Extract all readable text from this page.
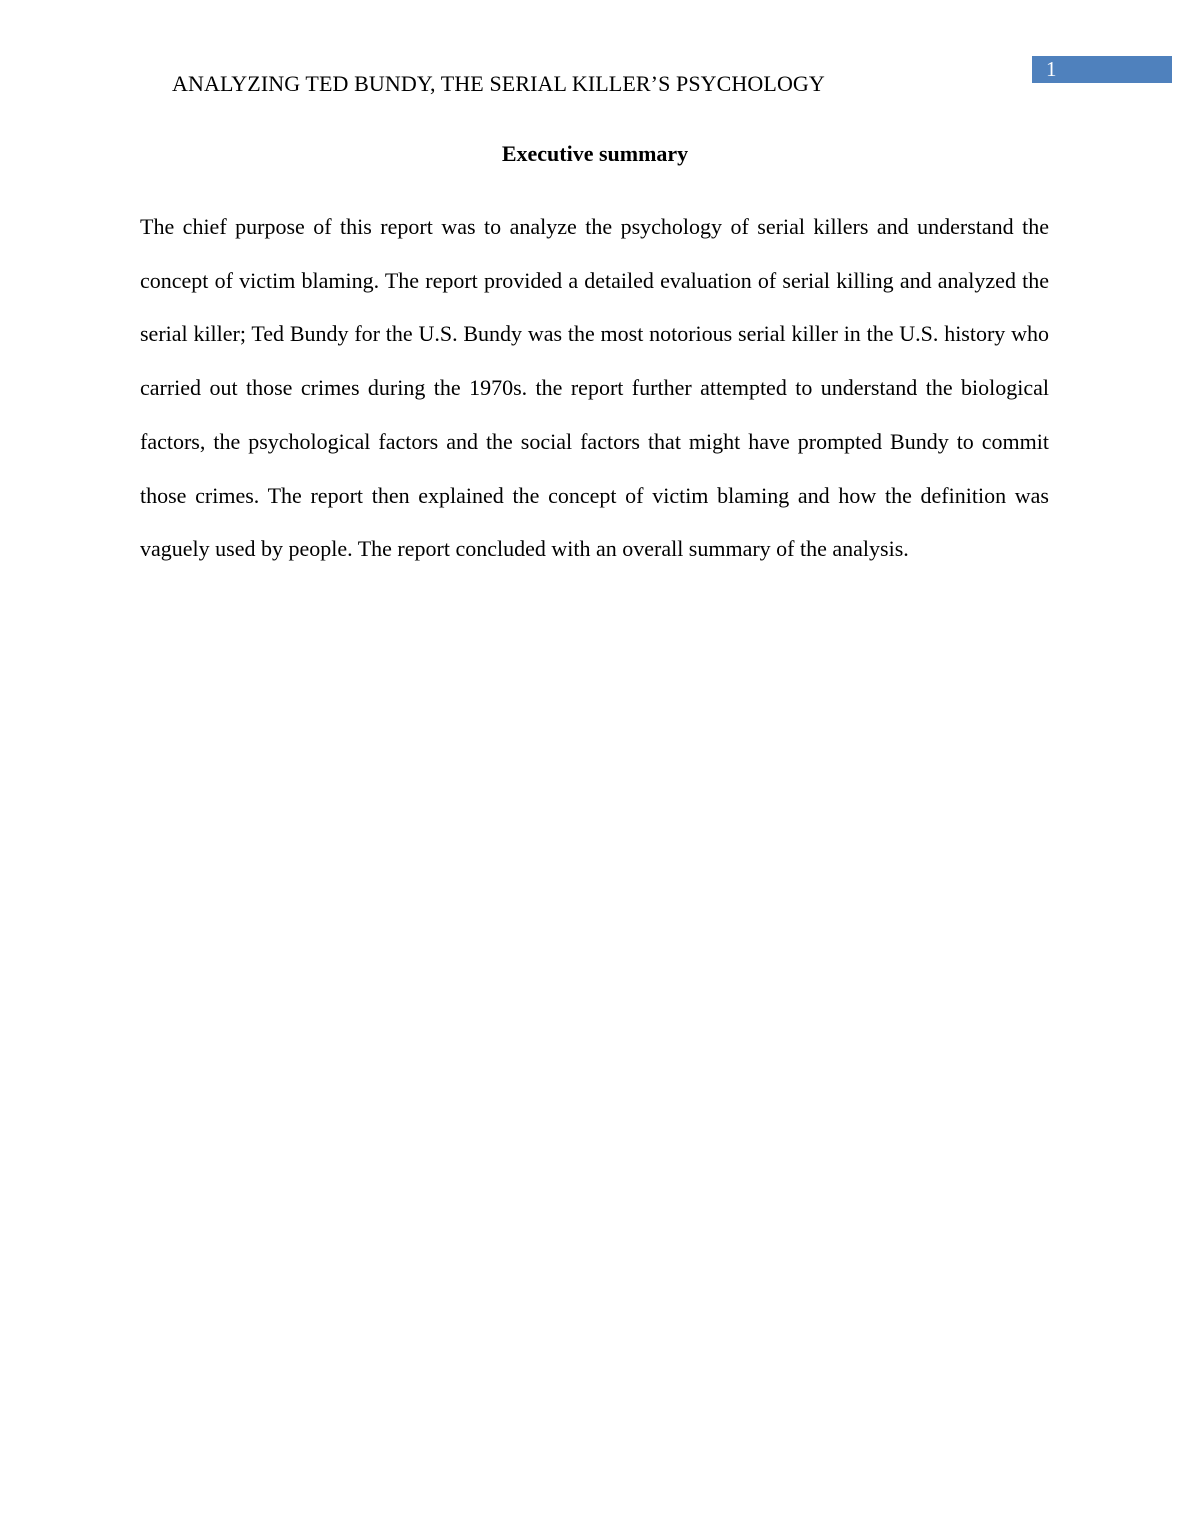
ANALYZING TED BUNDY, THE SERIAL KILLER’S PSYCHOLOGY
1
Executive summary

The chief purpose of this report was to analyze the psychology of serial killers and understand the concept of victim blaming. The report provided a detailed evaluation of serial killing and analyzed the serial killer; Ted Bundy for the U.S. Bundy was the most notorious serial killer in the U.S. history who carried out those crimes during the 1970s. the report further attempted to understand the biological factors, the psychological factors and the social factors that might have prompted Bundy to commit those crimes. The report then explained the concept of victim blaming and how the definition was vaguely used by people. The report concluded with an overall summary of the analysis.
